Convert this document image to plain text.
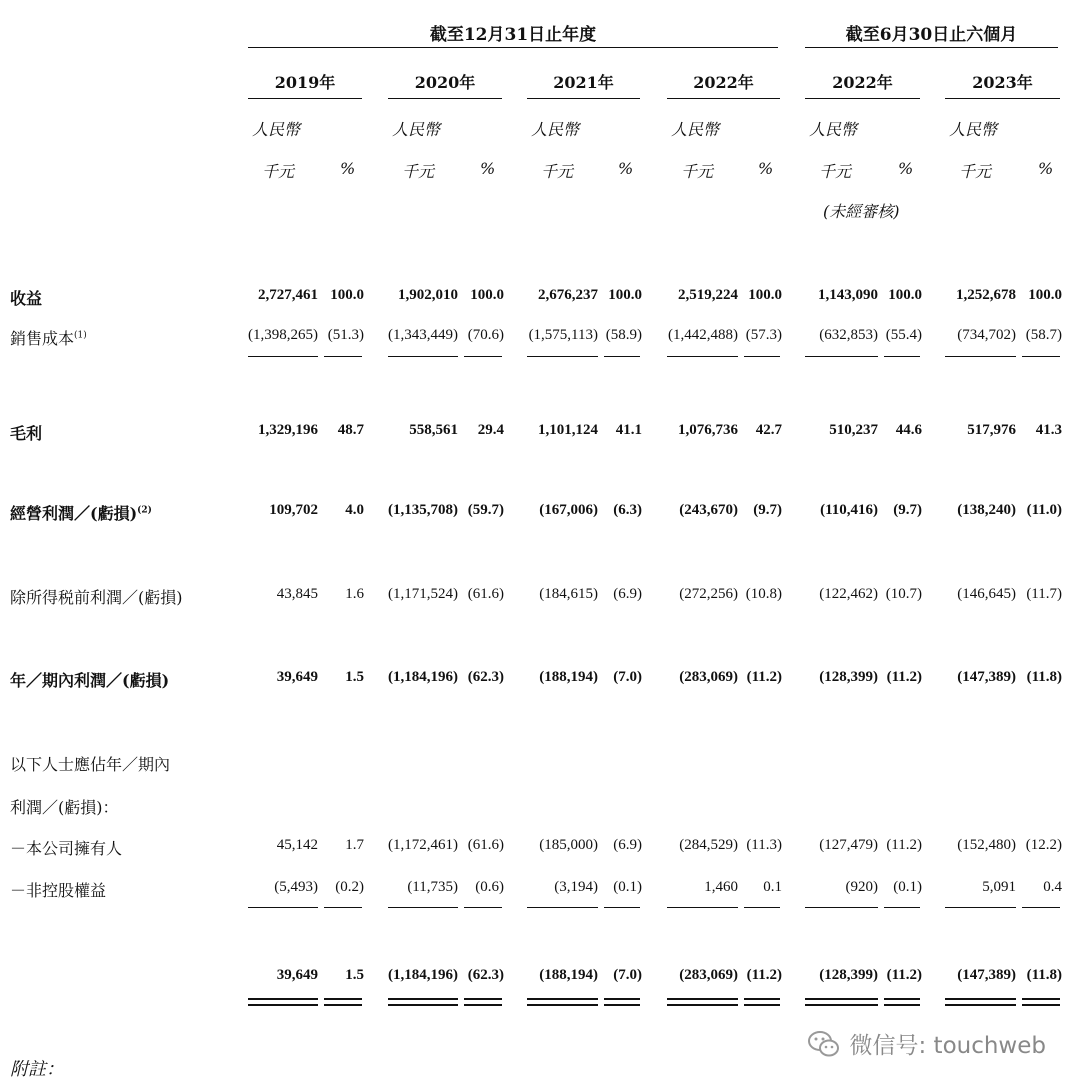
截至12月31日止年度	截至6月30日止六個月
2019年
人民幣
千元	%
2020年
人民幣
千元	%
2021年
人民幣
千元	%
2022年
人民幣
千元	%
2022年
人民幣
千元	%
2023年
人民幣
千元	%
(未經審核)
收益	2,727,461 100.0	1,902,010 100.0	2,676,237 100.0	2,519,224 100.0	1,143,090 100.0	1,252,678 100.0
銷售成本$^{(1)}$	(1,398,265) (51.3)	(1,343,449) (70.6)	(1,575,113) (58.9)	(1,442,488) (57.3)	(632,853) (55.4)	(734,702) (58.7)
毛利	1,329,196	48.7	558,561	29.4	1,101,124	41.1	1,076,736	42.7	510,237	44.6	517,976	41.3
經營利潤／(虧損)$^{(2)}$	109,702	4.0	(1,135,708) (59.7)	(167,006)	(6.3)	(243,670)	(9.7)	(110,416)	(9.7)	(138,240) (11.0)
除所得税前利潤／(虧損)	43,845	1.6	(1,171,524) (61.6)	(184,615)	(6.9)	(272,256) (10.8)	(122,462) (10.7)	(146,645) (11.7)
年／期內利潤／(虧損)	39,649	1.5	(1,184,196) (62.3)	(188,194)	(7.0)	(283,069) (11.2)	(128,399) (11.2)	(147,389) (11.8)
以下人士應佔年／期內
利潤／(虧損)：
－本公司擁有人	45,142	1.7	(1,172,461) (61.6)	(185,000)	(6.9)	(284,529) (11.3)	(127,479) (11.2)	(152,480) (12.2)
－非控股權益	(5,493)	(0.2)	(11,735)	(0.6)	(3,194)	(0.1)	1,460	0.1	(920)	(0.1)	5,091	0.4
39,649	1.5	(1,184,196) (62.3)	(188,194)	(7.0)	(283,069) (11.2)	(128,399) (11.2)	(147,389) (11.8)
附註：
微信号: touchweb
